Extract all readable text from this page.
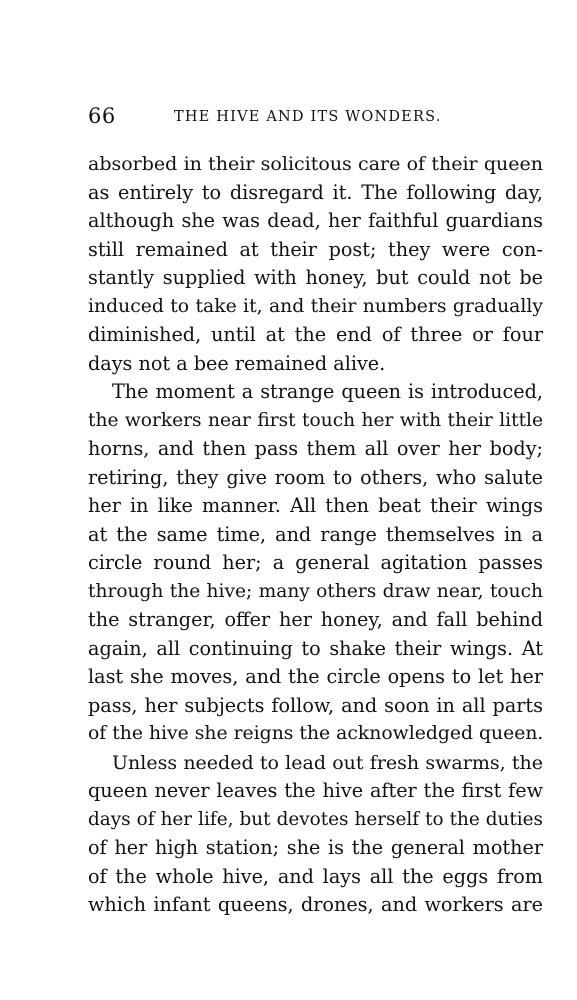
66	THE HIVE AND ITS WONDERS.
absorbed in their solicitous care of their queen
as entirely to disregard it. The following day,
although she was dead, her faithful guardians
still remained at their post; they were con-
stantly supplied with honey, but could not be
induced to take it, and their numbers gradually
diminished, until at the end of three or four
days not a bee remained alive.
The moment a strange queen is introduced,
the workers near first touch her with their little
horns, and then pass them all over her body;
retiring, they give room to others, who salute
her in like manner. All then beat their wings
at the same time, and range themselves in a
circle round her; a general agitation passes
through the hive; many others draw near, touch
the stranger, offer her honey, and fall behind
again, all continuing to shake their wings. At
last she moves, and the circle opens to let her
pass, her subjects follow, and soon in all parts
of the hive she reigns the acknowledged queen.
Unless needed to lead out fresh swarms, the
queen never leaves the hive after the first few
days of her life, but devotes herself to the duties
of her high station; she is the general mother
of the whole hive, and lays all the eggs from
which infant queens, drones, and workers are
